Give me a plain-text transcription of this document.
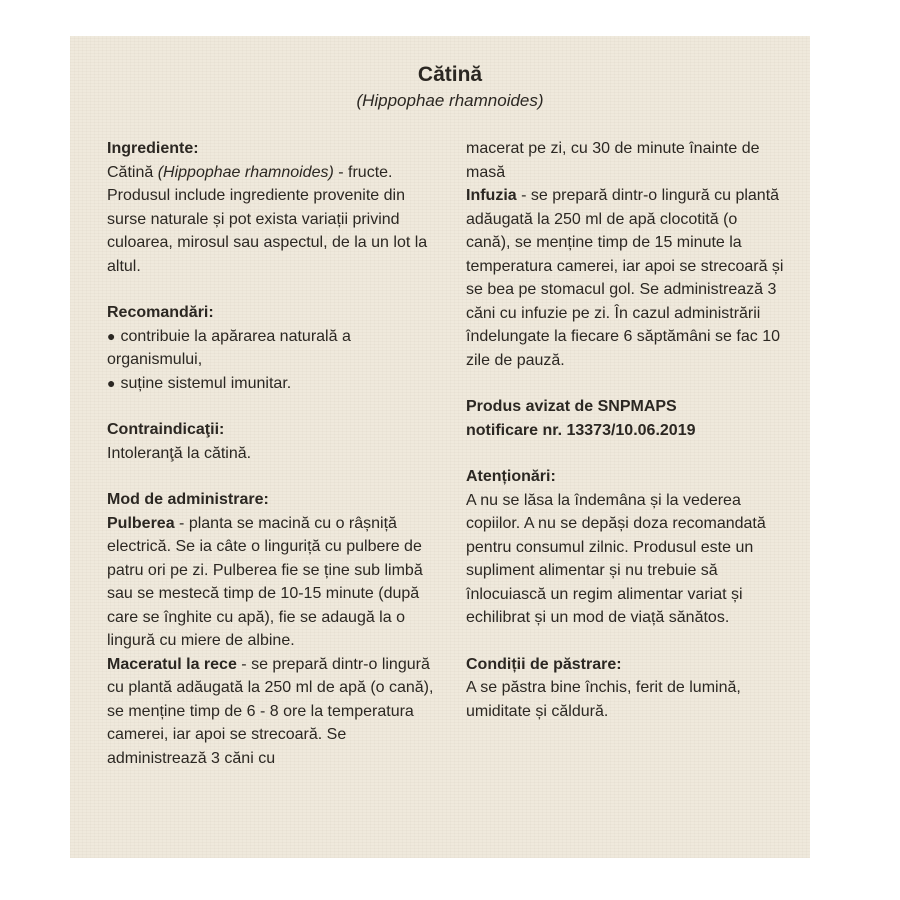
Cătină
(Hippophae rhamnoides)
Ingrediente:
Cătină (Hippophae rhamnoides) - fructe. Produsul include ingrediente provenite din surse naturale și pot exista variații privind culoarea, mirosul sau aspectul, de la un lot la altul.
Recomandări:
● contribuie la apărarea naturală a organismului,
● suține sistemul imunitar.
Contraindicaţii:
Intoleranţă la cătină.
Mod de administrare:
Pulberea - planta se macină cu o râșniță electrică. Se ia câte o linguriță cu pulbere de patru ori pe zi. Pulberea fie se ține sub limbă sau se mestecă timp de 10-15 minute (după care se înghite cu apă), fie se adaugă la o lingură cu miere de albine.
Maceratul la rece - se prepară dintr-o lingură cu plantă adăugată la 250 ml de apă (o cană), se menține timp de 6 - 8 ore la temperatura camerei, iar apoi se strecoară. Se administrează 3 căni cu
macerat pe zi, cu 30 de minute înainte de masă
Infuzia - se prepară dintr-o lingură cu plantă adăugată la 250 ml de apă clocotită (o cană), se menține timp de 15 minute la temperatura camerei, iar apoi se strecoară și se bea pe stomacul gol. Se administrează 3 căni cu infuzie pe zi. În cazul administrării îndelungate la fiecare 6 săptămâni se fac 10 zile de pauză.
Produs avizat de SNPMAPS
notificare nr. 13373/10.06.2019
Atenționări:
A nu se lăsa la îndemâna și la vederea copiilor. A nu se depăși doza recomandată pentru consumul zilnic. Produsul este un supliment alimentar și nu trebuie să înlocuiască un regim alimentar variat și echilibrat și un mod de viață sănătos.
Condiții de păstrare:
A se păstra bine închis, ferit de lumină, umiditate și căldură.
